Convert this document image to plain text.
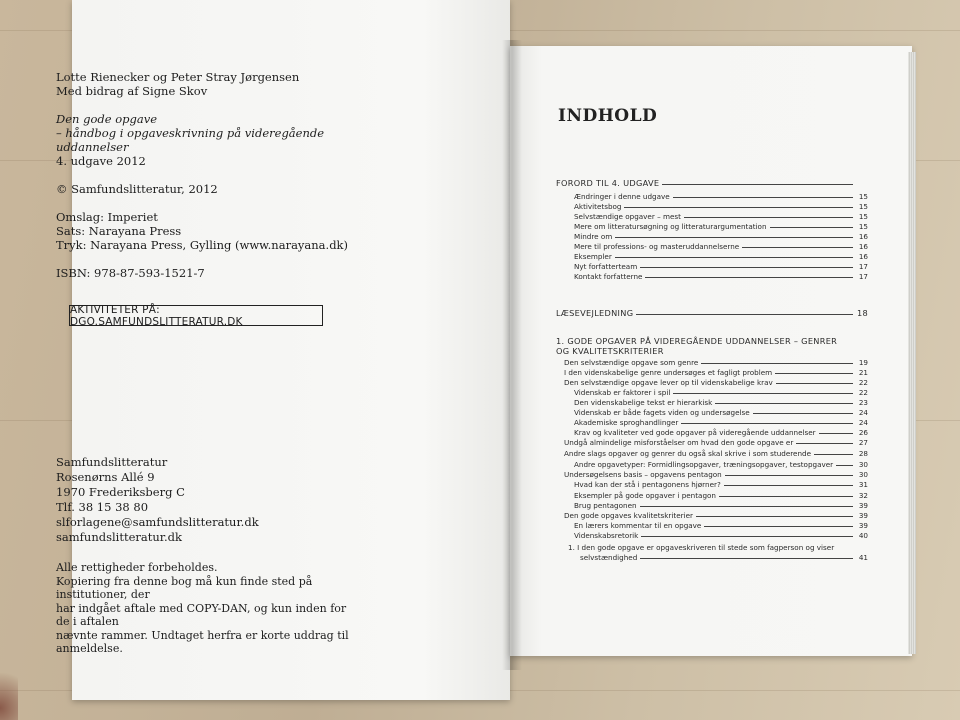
Lotte Rienecker og Peter Stray Jørgensen

Med bidrag af Signe Skov

Den gode opgave

– håndbog i opgaveskrivning på videregående uddannelser

4. udgave 2012

© Samfundslitteratur, 2012

Omslag: Imperiet

Sats: Narayana Press

Tryk: Narayana Press, Gylling (www.narayana.dk)

ISBN: 978-87-593-1521-7

AKTIVITETER PÅ: DGO.SAMFUNDSLITTERATUR.DK

Samfundslitteratur

Rosenørns Allé 9

1970 Frederiksberg C

Tlf. 38 15 38 80

slforlagene@samfundslitteratur.dk

samfundslitteratur.dk

Alle rettigheder forbeholdes.

Kopiering fra denne bog må kun finde sted på institutioner, der

har indgået aftale med COPY-DAN, og kun inden for de i aftalen

nævnte rammer. Undtaget herfra er korte uddrag til anmeldelse.

INDHOLD
FORORD TIL 4. UDGAVE
Ændringer i denne udgave	15
Aktivitetsbog	15
Selvstændige opgaver – mest	15
Mere om litteratursøgning og litteraturargumentation	15
Mindre om	16
Mere til professions- og masteruddannelserne	16
Eksempler	16
Nyt forfatterteam	17
Kontakt forfatterne	17
LÆSEVEJLEDNING	18
1. GODE OPGAVER PÅ VIDEREGÅENDE UDDANNELSER – GENRER
OG KVALITETSKRITERIER
Den selvstændige opgave som genre	19
I den videnskabelige genre undersøges et fagligt problem	21
Den selvstændige opgave lever op til videnskabelige krav	22
Videnskab er faktorer i spil	22
Den videnskabelige tekst er hierarkisk	23
Videnskab er både fagets viden og undersøgelse	24
Akademiske sproghandlinger	24
Krav og kvaliteter ved gode opgaver på videregående uddannelser	26
Undgå almindelige misforståelser om hvad den gode opgave er	27
Andre slags opgaver og genrer du også skal skrive i som studerende	28
Andre opgavetyper: Formidlingsopgaver, træningsopgaver, testopgaver	30
Undersøgelsens basis – opgavens pentagon	30
Hvad kan der stå i pentagonens hjørner?	31
Eksempler på gode opgaver i pentagon	32
Brug pentagonen	39
Den gode opgaves kvalitetskriterier	39
En lærers kommentar til en opgave	39
Videnskabsretorik	40
1. I den gode opgave er opgaveskriveren til stede som fagperson og viser
selvstændighed	41
